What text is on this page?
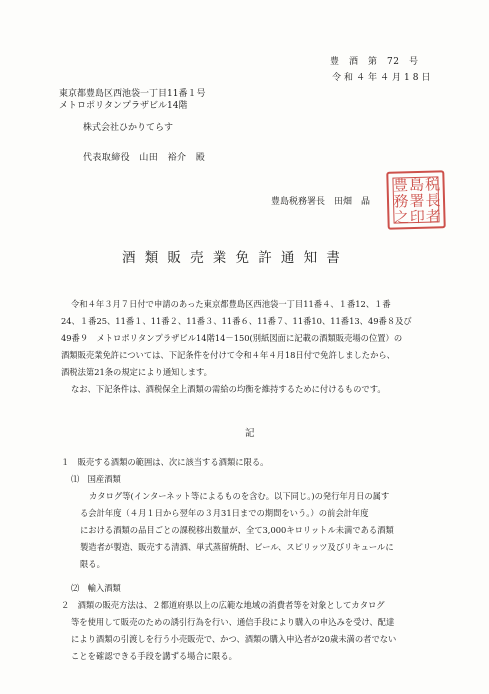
豊　酒　第　72　号
令和４年４月18日
東京都豊島区西池袋一丁目11番１号
メトロポリタンプラザビル14階
株式会社ひかりてらす
代表取締役　山田　裕介　殿
豊島税務署長　田畑　晶
豊 島 税
務 署 長
之 印 者
酒類販売業免許通知書
令和４年３月７日付で申請のあった東京都豊島区西池袋一丁目11番４、１番12、１番
24、１番25、11番１、11番２、11番３、11番６、11番７、11番10、11番13、49番８及び
49番９　メトロポリタンプラザビル14階14－150(別紙図面に記載の酒類販売場の位置）の
酒類販売業免許については、下記条件を付けて令和４年４月18日付で免許しましたから、
酒税法第21条の規定により通知します。
なお、下記条件は、酒税保全上酒類の需給の均衡を維持するために付けるものです。
記
１　販売する酒類の範囲は、次に該当する酒類に限る。
⑴　国産酒類
カタログ等(インターネット等によるものを含む。以下同じ。)の発行年月日の属す
る会計年度（４月１日から翌年の３月31日までの期間をいう。）の前会計年度
における酒類の品目ごとの課税移出数量が、全て3,000キロリットル未満である酒類
製造者が製造、販売する清酒、単式蒸留焼酎、ビール、スピリッツ及びリキュールに
限る。
⑵　輸入酒類
２　酒類の販売方法は、２都道府県以上の広範な地域の消費者等を対象としてカタログ
等を使用して販売のための誘引行為を行い、通信手段により購入の申込みを受け、配達
により酒類の引渡しを行う小売販売で、かつ、酒類の購入申込者が20歳未満の者でない
ことを確認できる手段を講ずる場合に限る。
